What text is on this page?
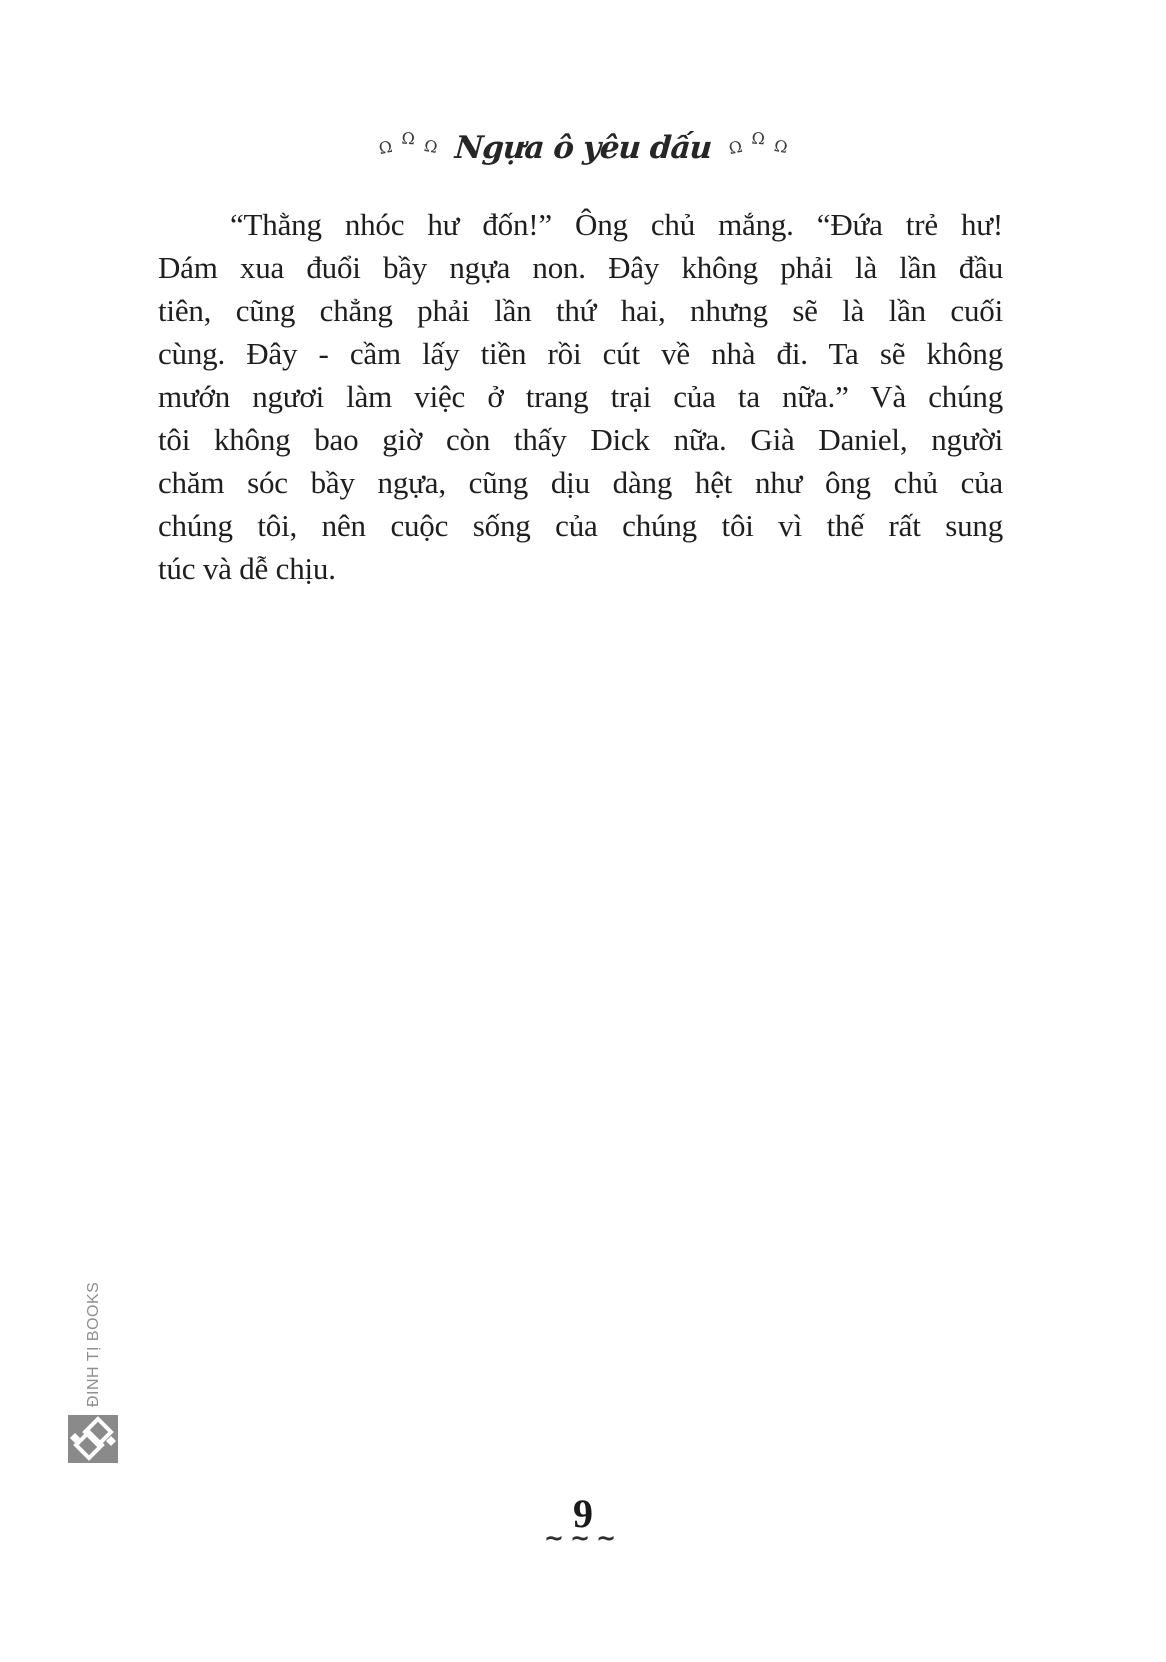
Ω Ω Ω Ngựa ô yêu dấu Ω Ω Ω
“Thằng nhóc hư đốn!” Ông chủ mắng. “Đứa trẻ hư!
Dám xua đuổi bầy ngựa non. Đây không phải là lần đầu
tiên, cũng chẳng phải lần thứ hai, nhưng sẽ là lần cuối
cùng. Đây - cầm lấy tiền rồi cút về nhà đi. Ta sẽ không
mướn ngươi làm việc ở trang trại của ta nữa.” Và chúng
tôi không bao giờ còn thấy Dick nữa. Già Daniel, người
chăm sóc bầy ngựa, cũng dịu dàng hệt như ông chủ của
chúng tôi, nên cuộc sống của chúng tôi vì thế rất sung
túc và dễ chịu.
ĐINH TỊ BOOKS
9
~~~
